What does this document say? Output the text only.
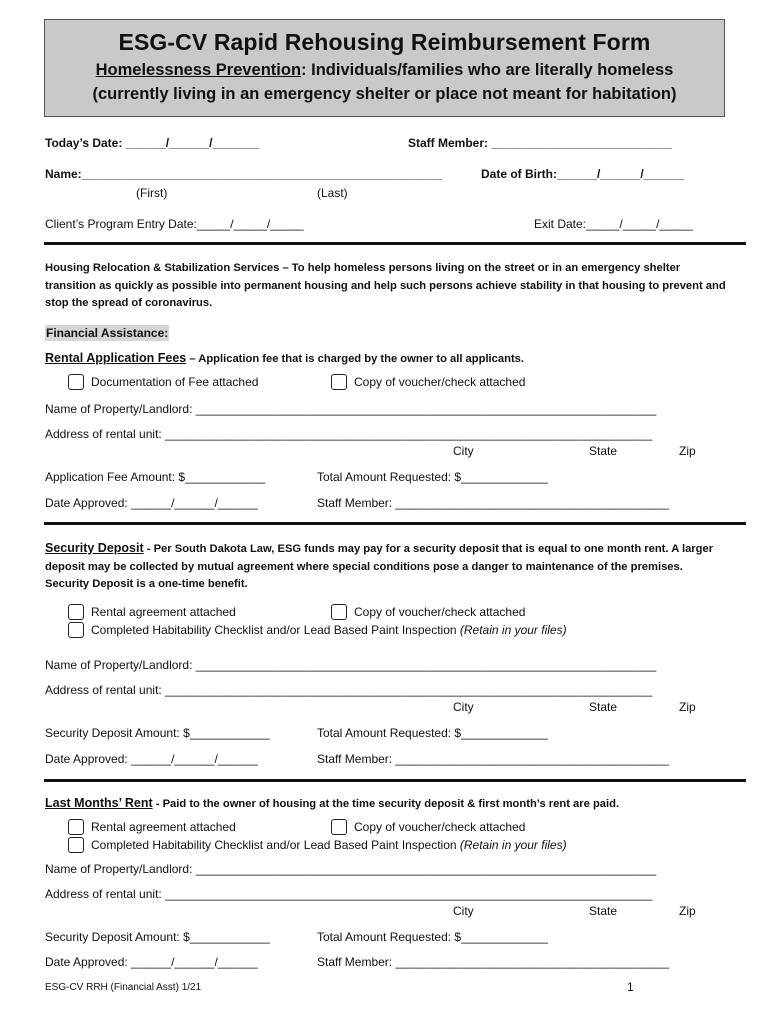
ESG-CV Rapid Rehousing Reimbursement Form
Homelessness Prevention: Individuals/families who are literally homeless
(currently living in an emergency shelter or place not meant for habitation)
Today’s Date: ______/______/_______	Staff Member: ___________________________
Name:______________________________________________________	Date of Birth:______/______/______
(First)	(Last)
Client’s Program Entry Date:_____/_____/_____	Exit Date:_____/_____/_____
Housing Relocation & Stabilization Services – To help homeless persons living on the street or in an emergency shelter transition as quickly as possible into permanent housing and help such persons achieve stability in that housing to prevent and stop the spread of coronavirus.
Financial Assistance:
Rental Application Fees – Application fee that is charged by the owner to all applicants.
Documentation of Fee attached	Copy of voucher/check attached
Name of Property/Landlord: _____________________________________________________________________
Address of rental unit: _________________________________________________________________________
City	State	Zip
Application Fee Amount: $____________	Total Amount Requested: $_____________
Date Approved: ______/______/______	Staff Member: _________________________________________
Security Deposit - Per South Dakota Law, ESG funds may pay for a security deposit that is equal to one month rent. A larger deposit may be collected by mutual agreement where special conditions pose a danger to maintenance of the premises. Security Deposit is a one-time benefit.
Rental agreement attached	Copy of voucher/check attached
Completed Habitability Checklist and/or Lead Based Paint Inspection (Retain in your files)
Name of Property/Landlord: _____________________________________________________________________
Address of rental unit: _________________________________________________________________________
City	State	Zip
Security Deposit Amount: $____________	Total Amount Requested: $_____________
Date Approved: ______/______/______	Staff Member: _________________________________________
Last Months’ Rent - Paid to the owner of housing at the time security deposit & first month’s rent are paid.
Rental agreement attached	Copy of voucher/check attached
Completed Habitability Checklist and/or Lead Based Paint Inspection (Retain in your files)
Name of Property/Landlord: _____________________________________________________________________
Address of rental unit: _________________________________________________________________________
City	State	Zip
Security Deposit Amount: $____________	Total Amount Requested: $_____________
Date Approved: ______/______/______	Staff Member: _________________________________________
ESG-CV RRH (Financial Asst) 1/21	1
